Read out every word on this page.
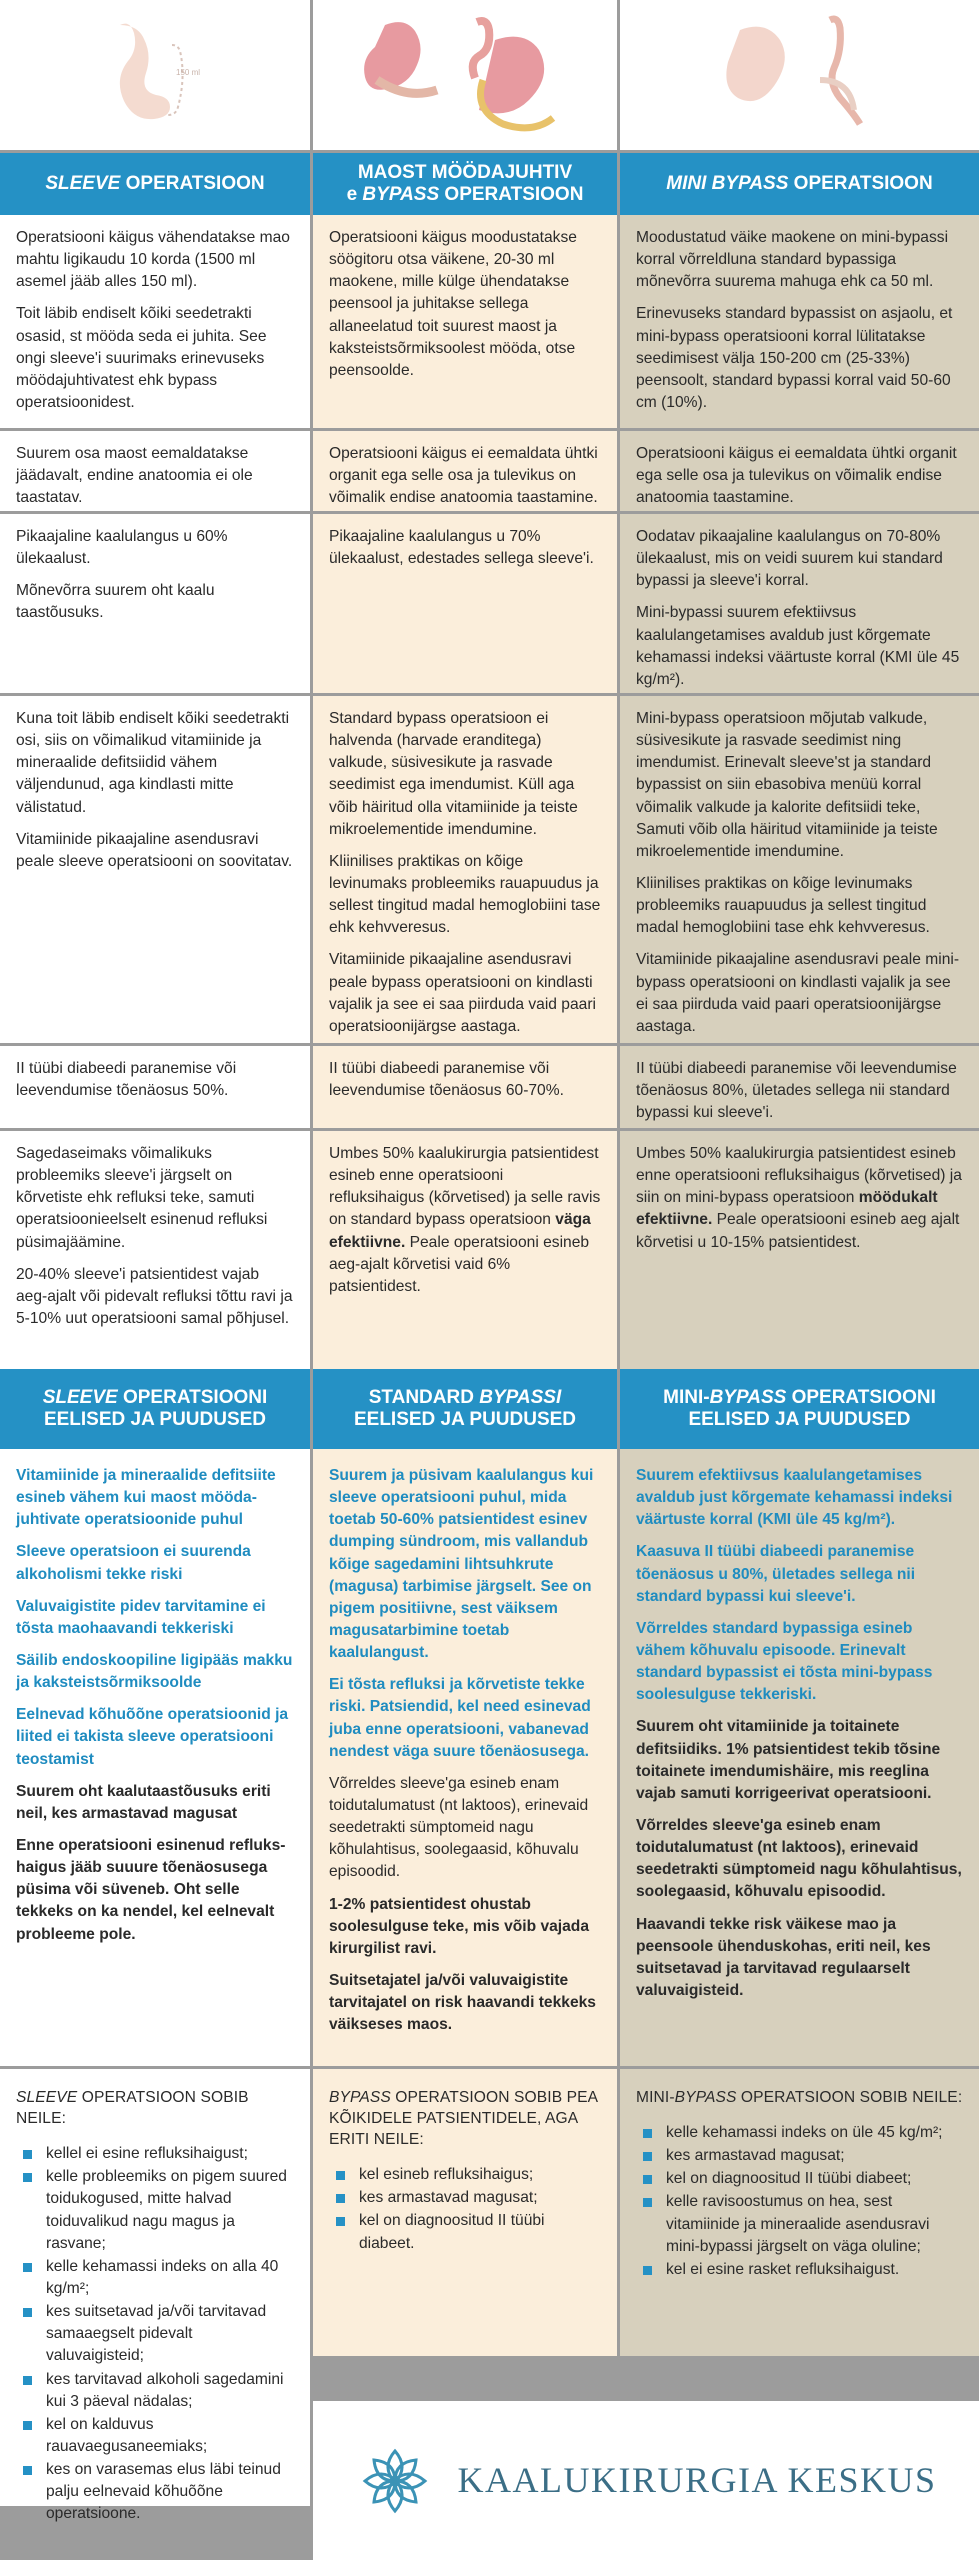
150 ml
SLEEVE OPERATSIOON
MAOST MÖÖDAJUHTIV
e BYPASS OPERATSIOON
MINI BYPASS OPERATSIOON

Operatsiooni käigus vähendatakse mao mahtu ligikaudu 10 korda (1500 ml asemel jääb alles 150 ml).

Toit läbib endiselt kõiki seedetrakti osasid, st mööda seda ei juhita. See ongi sleeve'i suurimaks erinevuseks möödajuhtivatest ehk bypass operatsioonidest.

Operatsiooni käigus moodustatakse söögitoru otsa väikene, 20-30 ml maokene, mille külge ühendatakse peensool ja juhitakse sellega allaneelatud toit suurest maost ja kaksteistsõrmiksoolest mööda, otse peensoolde.

Moodustatud väike maokene on mini-bypassi korral võrreldluna standard bypassiga mõnevõrra suurema mahuga ehk ca 50 ml.

Erinevuseks standard bypassist on asjaolu, et mini-bypass operatsiooni korral lülitatakse seedimisest välja 150-200 cm (25-33%) peensoolt, standard bypassi korral vaid 50-60 cm (10%).

Suurem osa maost eemaldatakse jäädavalt, endine anatoomia ei ole taastatav.

Operatsiooni käigus ei eemaldata ühtki organit ega selle osa ja tulevikus on võimalik endise anatoomia taastamine.

Operatsiooni käigus ei eemaldata ühtki organit ega selle osa ja tulevikus on võimalik endise anatoomia taastamine.

Pikaajaline kaalulangus u 60% ülekaalust.

Mõnevõrra suurem oht kaalu taastõusuks.

Pikaajaline kaalulangus u 70% ülekaalust, edestades sellega sleeve'i.

Oodatav pikaajaline kaalulangus on 70-80% ülekaalust, mis on veidi suurem kui standard bypassi ja sleeve'i korral.

Mini-bypassi suurem efektiivsus kaalulangetamises avaldub just kõrgemate kehamassi indeksi väärtuste korral (KMI üle 45 kg/m²).

Kuna toit läbib endiselt kõiki seedetrakti osi, siis on võimalikud vitamiinide ja mineraalide defitsiidid vähem väljendunud, aga kindlasti mitte välistatud.

Vitamiinide pikaajaline asendusravi peale sleeve operatsiooni on soovitatav.

Standard bypass operatsioon ei halvenda (harvade eranditega) valkude, süsivesikute ja rasvade seedimist ega imendumist. Küll aga võib häiritud olla vitamiinide ja teiste mikroelementide imendumine.

Kliinilises praktikas on kõige levinumaks probleemiks rauapuudus ja sellest tingitud madal hemoglobiini tase ehk kehvveresus.

Vitamiinide pikaajaline asendusravi peale bypass operatsiooni on kindlasti vajalik ja see ei saa piirduda vaid paari operatsioonijärgse aastaga.

Mini-bypass operatsioon mõjutab valkude, süsivesikute ja rasvade seedimist ning imendumist. Erinevalt sleeve'st ja standard bypassist on siin ebasobiva menüü korral võimalik valkude ja kalorite defitsiidi teke, Samuti võib olla häiritud vitamiinide ja teiste mikroelementide imendumine.

Kliinilises praktikas on kõige levinumaks probleemiks rauapuudus ja sellest tingitud madal hemoglobiini tase ehk kehvveresus.

Vitamiinide pikaajaline asendusravi peale mini-bypass operatsiooni on kindlasti vajalik ja see ei saa piirduda vaid paari operatsioonijärgse aastaga.

II tüübi diabeedi paranemise või leevendumise tõenäosus 50%.

II tüübi diabeedi paranemise või leevendumise tõenäosus 60-70%.

II tüübi diabeedi paranemise või leevendumise tõenäosus 80%, ületades sellega nii standard bypassi kui sleeve'i.

Sagedaseimaks võimalikuks probleemiks sleeve'i järgselt on kõrvetiste ehk refluksi teke, samuti operatsioonieelselt esinenud refluksi püsimajäämine.

20-40% sleeve'i patsientidest vajab aeg-ajalt või pidevalt refluksi tõttu ravi ja 5-10% uut operatsiooni samal põhjusel.

Umbes 50% kaalukirurgia patsientidest esineb enne operatsiooni refluksihaigus (kõrvetised) ja selle ravis on standard bypass operatsioon väga efektiivne. Peale operatsiooni esineb aeg-ajalt kõrvetisi vaid 6% patsientidest.

Umbes 50% kaalukirurgia patsientidest esineb enne operatsiooni refluksihaigus (kõrvetised) ja siin on mini-bypass operatsioon möödukalt efektiivne. Peale operatsiooni esineb aeg ajalt kõrvetisi u 10-15% patsientidest.

SLEEVE OPERATSIOONI
EELISED JA PUUDUSED
STANDARD BYPASSI
EELISED JA PUUDUSED
MINI-BYPASS OPERATSIOONI
EELISED JA PUUDUSED

Vitamiinide ja mineraalide defitsiite esineb vähem kui maost mööda-juhtivate operatsioonide puhul

Sleeve operatsioon ei suurenda alkoholismi tekke riski

Valuvaigistite pidev tarvitamine ei tõsta maohaavandi tekkeriski

Säilib endoskoopiline ligipääs makku ja kaksteistsõrmiksoolde

Eelnevad kõhuõõne operatsioonid ja liited ei takista sleeve operatsiooni teostamist

Suurem oht kaalutaastõusuks eriti neil, kes armastavad magusat

Enne operatsiooni esinenud refluks-haigus jääb suuure tõenäosusega püsima või süveneb. Oht selle tekkeks on ka nendel, kel eelnevalt probleeme pole.

Suurem ja püsivam kaalulangus kui sleeve operatsiooni puhul, mida toetab 50-60% patsientidest esinev dumping sündroom, mis vallandub kõige sagedamini lihtsuhkrute (magusa) tarbimise järgselt. See on pigem positiivne, sest väiksem magusatarbimine toetab kaalulangust.

Ei tõsta refluksi ja kõrvetiste tekke riski. Patsiendid, kel need esinevad juba enne operatsiooni, vabanevad nendest väga suure tõenäosusega.

Võrreldes sleeve'ga esineb enam toidutalumatust (nt laktoos), erinevaid seedetrakti sümptomeid nagu kõhulahtisus, soolegaasid, kõhuvalu episoodid.

1-2% patsientidest ohustab soolesulguse teke, mis võib vajada kirurgilist ravi.

Suitsetajatel ja/või valuvaigistite tarvitajatel on risk haavandi tekkeks väikseses maos.

Suurem efektiivsus kaalulangetamises avaldub just kõrgemate kehamassi indeksi väärtuste korral (KMI üle 45 kg/m²).

Kaasuva II tüübi diabeedi paranemise tõenäosus u 80%, ületades sellega nii standard bypassi kui sleeve'i.

Võrreldes standard bypassiga esineb vähem kõhuvalu episoode. Erinevalt standard bypassist ei tõsta mini-bypass soolesulguse tekkeriski.

Suurem oht vitamiinide ja toitainete defitsiidiks. 1% patsientidest tekib tõsine toitainete imendumishäire, mis reeglina vajab samuti korrigeerivat operatsiooni.

Võrreldes sleeve'ga esineb enam toidutalumatust (nt laktoos), erinevaid seedetrakti sümptomeid nagu kõhulahtisus, soolegaasid, kõhuvalu episoodid.

Haavandi tekke risk väikese mao ja peensoole ühenduskohas, eriti neil, kes suitsetavad ja tarvitavad regulaarselt valuvaigisteid.

SLEEVE OPERATSIOON SOBIB NEILE:
kellel ei esine refluksihaigust;
kelle probleemiks on pigem suured toidukogused, mitte halvad toiduvalikud nagu magus ja rasvane;
kelle kehamassi indeks on alla 40 kg/m²;
kes suitsetavad ja/või tarvitavad samaaegselt pidevalt valuvaigisteid;
kes tarvitavad alkoholi sagedamini kui 3 päeval nädalas;
kel on kalduvus rauavaegusaneemiaks;
kes on varasemas elus läbi teinud palju eelnevaid kõhuõõne operatsioone.
BYPASS OPERATSIOON SOBIB PEA KÕIKIDELE PATSIENTIDELE, AGA ERITI NEILE:
kel esineb refluksihaigus;
kes armastavad magusat;
kel on diagnoositud II tüübi diabeet.
MINI-BYPASS OPERATSIOON SOBIB NEILE:
kelle kehamassi indeks on üle 45 kg/m²;
kes armastavad magusat;
kel on diagnoositud II tüübi diabeet;
kelle ravisoostumus on hea, sest vitamiinide ja mineraalide asendusravi mini-bypassi järgselt on väga oluline;
kel ei esine rasket refluksihaigust.
KAALUKIRURGIA KESKUS
